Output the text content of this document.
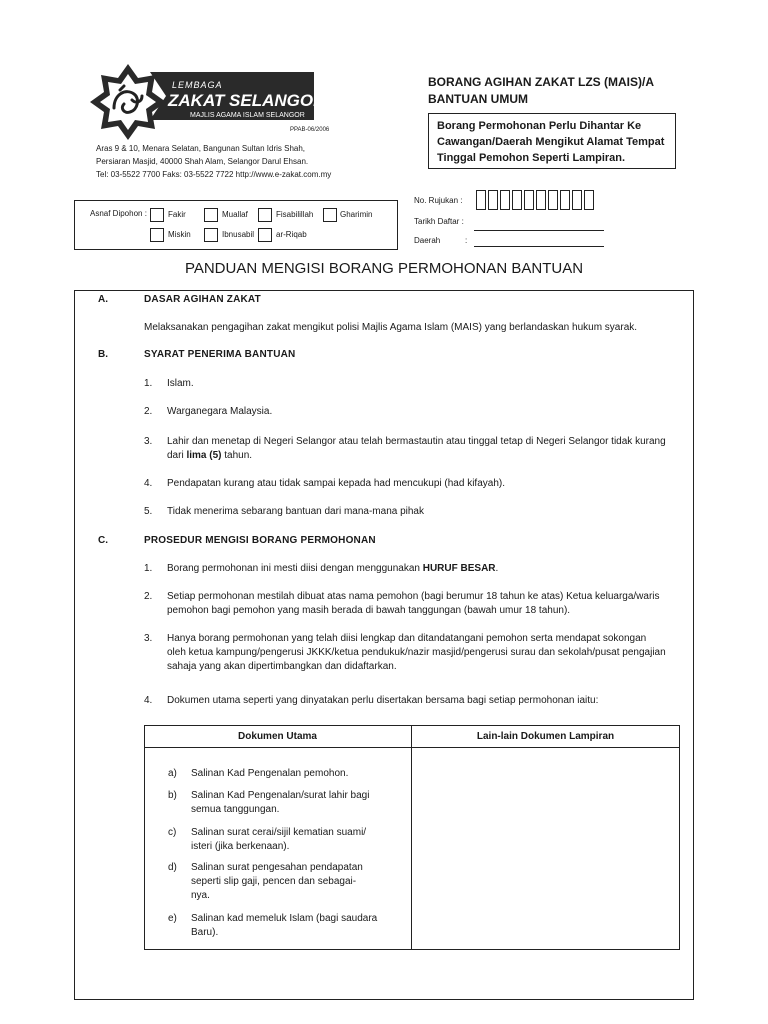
LEMBAGA
ZAKAT SELANGOR
MAJLIS AGAMA ISLAM SELANGOR
PPAB-06/2006
Aras 9 & 10, Menara Selatan, Bangunan Sultan Idris Shah,
Persiaran Masjid, 40000 Shah Alam, Selangor Darul Ehsan.
Tel: 03-5522 7700 Faks: 03-5522 7722 http://www.e-zakat.com.my
BORANG AGIHAN ZAKAT LZS (MAIS)/A
BANTUAN UMUM
Borang Permohonan Perlu Dihantar Ke
Cawangan/Daerah Mengikut Alamat Tempat
Tinggal Pemohon Seperti Lampiran.
Asnaf Dipohon :	Fakir	Muallaf	Fisabilillah	Gharimin
Miskin	Ibnusabil	ar-Riqab
No. Rujukan :
Tarikh Daftar :
Daerah	:
PANDUAN MENGISI BORANG PERMOHONAN BANTUAN
A.	DASAR AGIHAN ZAKAT
Melaksanakan pengagihan zakat mengikut polisi Majlis Agama Islam (MAIS) yang berlandaskan hukum syarak.
B.	SYARAT PENERIMA BANTUAN
1. Islam.
2. Warganegara Malaysia.
3. Lahir dan menetap di Negeri Selangor atau telah bermastautin atau tinggal tetap di Negeri Selangor tidak kurang
dari lima (5) tahun.
4. Pendapatan kurang atau tidak sampai kepada had mencukupi (had kifayah).
5. Tidak menerima sebarang bantuan dari mana-mana pihak
C.	PROSEDUR MENGISI BORANG PERMOHONAN
1. Borang permohonan ini mesti diisi dengan menggunakan HURUF BESAR.
2. Setiap permohonan mestilah dibuat atas nama pemohon (bagi berumur 18 tahun ke atas) Ketua keluarga/waris
pemohon bagi pemohon yang masih berada di bawah tanggungan (bawah umur 18 tahun).
3. Hanya borang permohonan yang telah diisi lengkap dan ditandatangani pemohon serta mendapat sokongan
oleh ketua kampung/pengerusi JKKK/ketua pendukuk/nazir masjid/pengerusi surau dan sekolah/pusat pengajian
sahaja yang akan dipertimbangkan dan didaftarkan.
4. Dokumen utama seperti yang dinyatakan perlu disertakan bersama bagi setiap permohonan iaitu:
Dokumen Utama	Lain-lain Dokumen Lampiran
a) Salinan Kad Pengenalan pemohon.
b) Salinan Kad Pengenalan/surat lahir bagi
semua tanggungan.
c) Salinan surat cerai/sijil kematian suami/
isteri (jika berkenaan).
d) Salinan surat pengesahan pendapatan
seperti slip gaji, pencen dan sebagai-
nya.
e) Salinan kad memeluk Islam (bagi saudara
Baru).
